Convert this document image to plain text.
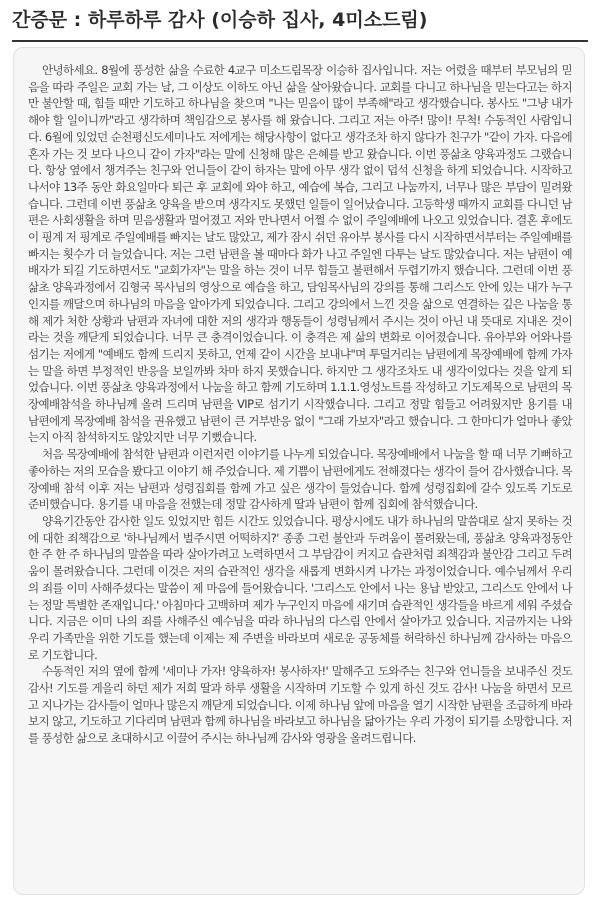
간증문 : 하루하루 감사 (이승하 집사, 4미소드림)

안녕하세요. 8월에 풍성한 삶을 수료한 4교구 미소드림목장 이승하 집사입니다. 저는 어렸을 때부터 부모님의 믿음을 따라 주일은 교회 가는 날, 그 이상도 이하도 아닌 삶을 살아왔습니다. 교회를 다니고 하나님을 믿는다고는 하지만 불안할 때, 힘들 때만 기도하고 하나님을 찾으며 "나는 믿음이 많이 부족해"라고 생각했습니다. 봉사도 "그냥 내가 해야 할 일이니까"라고 생각하며 책임감으로 봉사를 해 왔습니다. 그리고 저는 아주! 많이! 무척! 수동적인 사람입니다. 6월에 있었던 순천평신도세미나도 저에게는 해당사항이 없다고 생각조차 하지 않다가 친구가 "같이 가자. 다음에 혼자 가는 것 보다 나으니 같이 가자"라는 말에 신청해 많은 은혜를 받고 왔습니다. 이번 풍삶초 양육과정도 그랬습니다. 항상 옆에서 챙겨주는 친구와 언니들이 같이 하자는 말에 아무 생각 없이 덥석 신청을 하게 되었습니다. 시작하고 나서야 13주 동안 화요일마다 퇴근 후 교회에 와야 하고, 예습에 복습, 그리고 나눔까지, 너무나 많은 부담이 밀려왔습니다. 그런데 이번 풍삶초 양육을 받으며 생각지도 못했던 일들이 일어났습니다. 고등학생 때까지 교회를 다니던 남편은 사회생활을 하며 믿음생활과 멀어졌고 저와 만나면서 어쩔 수 없이 주일예배에 나오고 있었습니다. 결혼 후에도 이 핑계 저 핑계로 주일예배를 빠지는 날도 많았고, 제가 잠시 쉬던 유아부 봉사를 다시 시작하면서부터는 주일예배를 빠지는 횟수가 더 늘었습니다. 저는 그런 남편을 볼 때마다 화가 나고 주일엔 다투는 날도 많았습니다. 저는 남편이 예배자가 되길 기도하면서도 "교회가자"는 말을 하는 것이 너무 힘들고 불편해서 두렵기까지 했습니다. 그런데 이번 풍삶초 양육과정에서 김형국 목사님의 영상으로 예습을 하고, 담임목사님의 강의를 통해 그리스도 안에 있는 내가 누구인지를 깨달으며 하나님의 마음을 알아가게 되었습니다. 그리고 강의에서 느낀 것을 삶으로 연결하는 깊은 나눔을 통해 제가 처한 상황과 남편과 자녀에 대한 저의 생각과 행동들이 성령님께서 주시는 것이 아닌 내 뜻대로 지내온 것이라는 것을 깨닫게 되었습니다. 너무 큰 충격이었습니다. 이 충격은 제 삶의 변화로 이어졌습니다. 유아부와 어와나를 섬기는 저에게 "예배도 함께 드리지 못하고, 언제 같이 시간을 보내냐"며 투덜거리는 남편에게 목장예배에 함께 가자는 말을 하면 부정적인 반응을 보일까봐 차마 하지 못했습니다. 하지만 그 생각조차도 내 생각이었다는 것을 알게 되었습니다. 이번 풍삶초 양육과정에서 나눔을 하고 함께 기도하며 1.1.1.영성노트를 작성하고 기도제목으로 남편의 목장예배참석을 하나님께 올려 드리며 남편을 VIP로 섬기기 시작했습니다. 그리고 정말 힘들고 어려웠지만 용기를 내 남편에게 목장예배 참석을 권유했고 남편이 큰 거부반응 없이 "그래 가보자"라고 했습니다. 그 한마디가 얼마나 좋았는지 아직 참석하지도 않았지만 너무 기뻤습니다.

처음 목장예배에 참석한 남편과 이런저런 이야기를 나누게 되었습니다. 목장예배에서 나눔을 할 때 너무 기뻐하고 좋아하는 저의 모습을 봤다고 이야기 해 주었습니다. 제 기쁨이 남편에게도 전해졌다는 생각이 들어 감사했습니다. 목장예배 참석 이후 저는 남편과 성령집회를 함께 가고 싶은 생각이 들었습니다. 함께 성령집회에 갈수 있도록 기도로 준비했습니다. 용기를 내 마음을 전했는데 정말 감사하게 딸과 남편이 함께 집회에 참석했습니다.

양육기간동안 감사한 일도 있었지만 힘든 시간도 있었습니다. 평상시에도 내가 하나님의 말씀대로 살지 못하는 것에 대한 죄책감으로 '하나님께서 벌주시면 어떡하지?' 종종 그런 불안과 두려움이 몰려왔는데, 풍삶초 양육과정동안 한 주 한 주 하나님의 말씀을 따라 살아가려고 노력하면서 그 부담감이 커지고 습관처럼 죄책감과 불안감 그리고 두려움이 몰려왔습니다. 그런데 이것은 저의 습관적인 생각을 새롭게 변화시켜 나가는 과정이었습니다. 예수님께서 우리의 죄를 이미 사해주셨다는 말씀이 제 마음에 들어왔습니다. '그리스도 안에서 나는 용납 받았고, 그리스도 안에서 나는 정말 특별한 존재입니다.' 아침마다 고백하며 제가 누구인지 마음에 새기며 습관적인 생각들을 바르게 세워 주셨습니다. 지금은 이미 나의 죄를 사해주신 예수님을 따라 하나님의 다스림 안에서 살아가고 있습니다. 지금까지는 나와 우리 가족만을 위한 기도를 했는데 이제는 제 주변을 바라보며 새로운 공동체를 허락하신 하나님께 감사하는 마음으로 기도합니다.

수동적인 저의 옆에 함께 '세미나 가자! 양육하자! 봉사하자!' 말해주고 도와주는 친구와 언니들을 보내주신 것도 감사! 기도를 게을리 하던 제가 저희 딸과 하루 생활을 시작하며 기도할 수 있게 하신 것도 감사! 나눔을 하면서 모르고 지나가는 감사들이 얼마나 많은지 깨닫게 되었습니다. 이제 하나님 앞에 마음을 열기 시작한 남편을 조급하게 바라보지 않고, 기도하고 기다리며 남편과 함께 하나님을 바라보고 하나님을 닮아가는 우리 가정이 되기를 소망합니다. 저를 풍성한 삶으로 초대하시고 이끌어 주시는 하나님께 감사와 영광을 올려드립니다.
